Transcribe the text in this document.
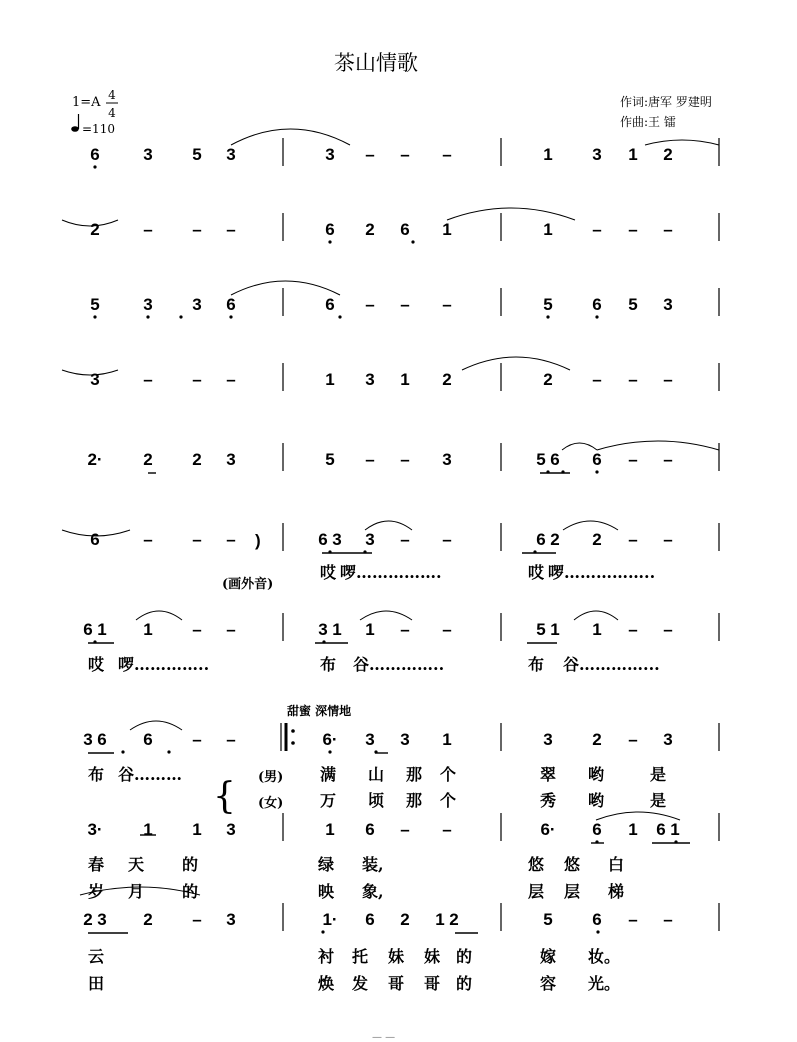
茶山情歌
1=A 4
4
=110
作词:唐军 罗建明
作曲:王 镭
6	3 5 3	3 – – –	1 3 1 2
2	– – –	6 2 6 1	1 – – –
5	3 3 6	6 – – –	5 6 5 3
3	– – –	1 3 1 2	2 – – –
2· 2 2 3	5 – – 3	5 6 6 – –
6	– – –	6 3 3 – –	6 2 2 – –
6 1 1 – –	3 1 1 – –	5 1 1 – –
3 6 6 – –	6· 3 3 1	3 2 – 3
3· 1 1 3	1 6 – –	6· 6 1 6 1
2 3 2 – 3	1· 6 2 1 2	5 6 – –
哎 啰…………….	哎 啰……………..
哎 啰…………..	布 谷…………..	布 谷…………...
布 谷………	满 山 那 个	翠 哟	是
万 顷 那 个	秀 哟	是
春 天 的	绿 装,	悠 悠 白
岁 月 的	映 象,	层 层 梯
云	衬 托 妹 妹 的	嫁 妆。
田	焕 发 哥 哥 的	容 光。
甜蜜 深情地
(画外音)
)
(男)
(女)
{
— —
